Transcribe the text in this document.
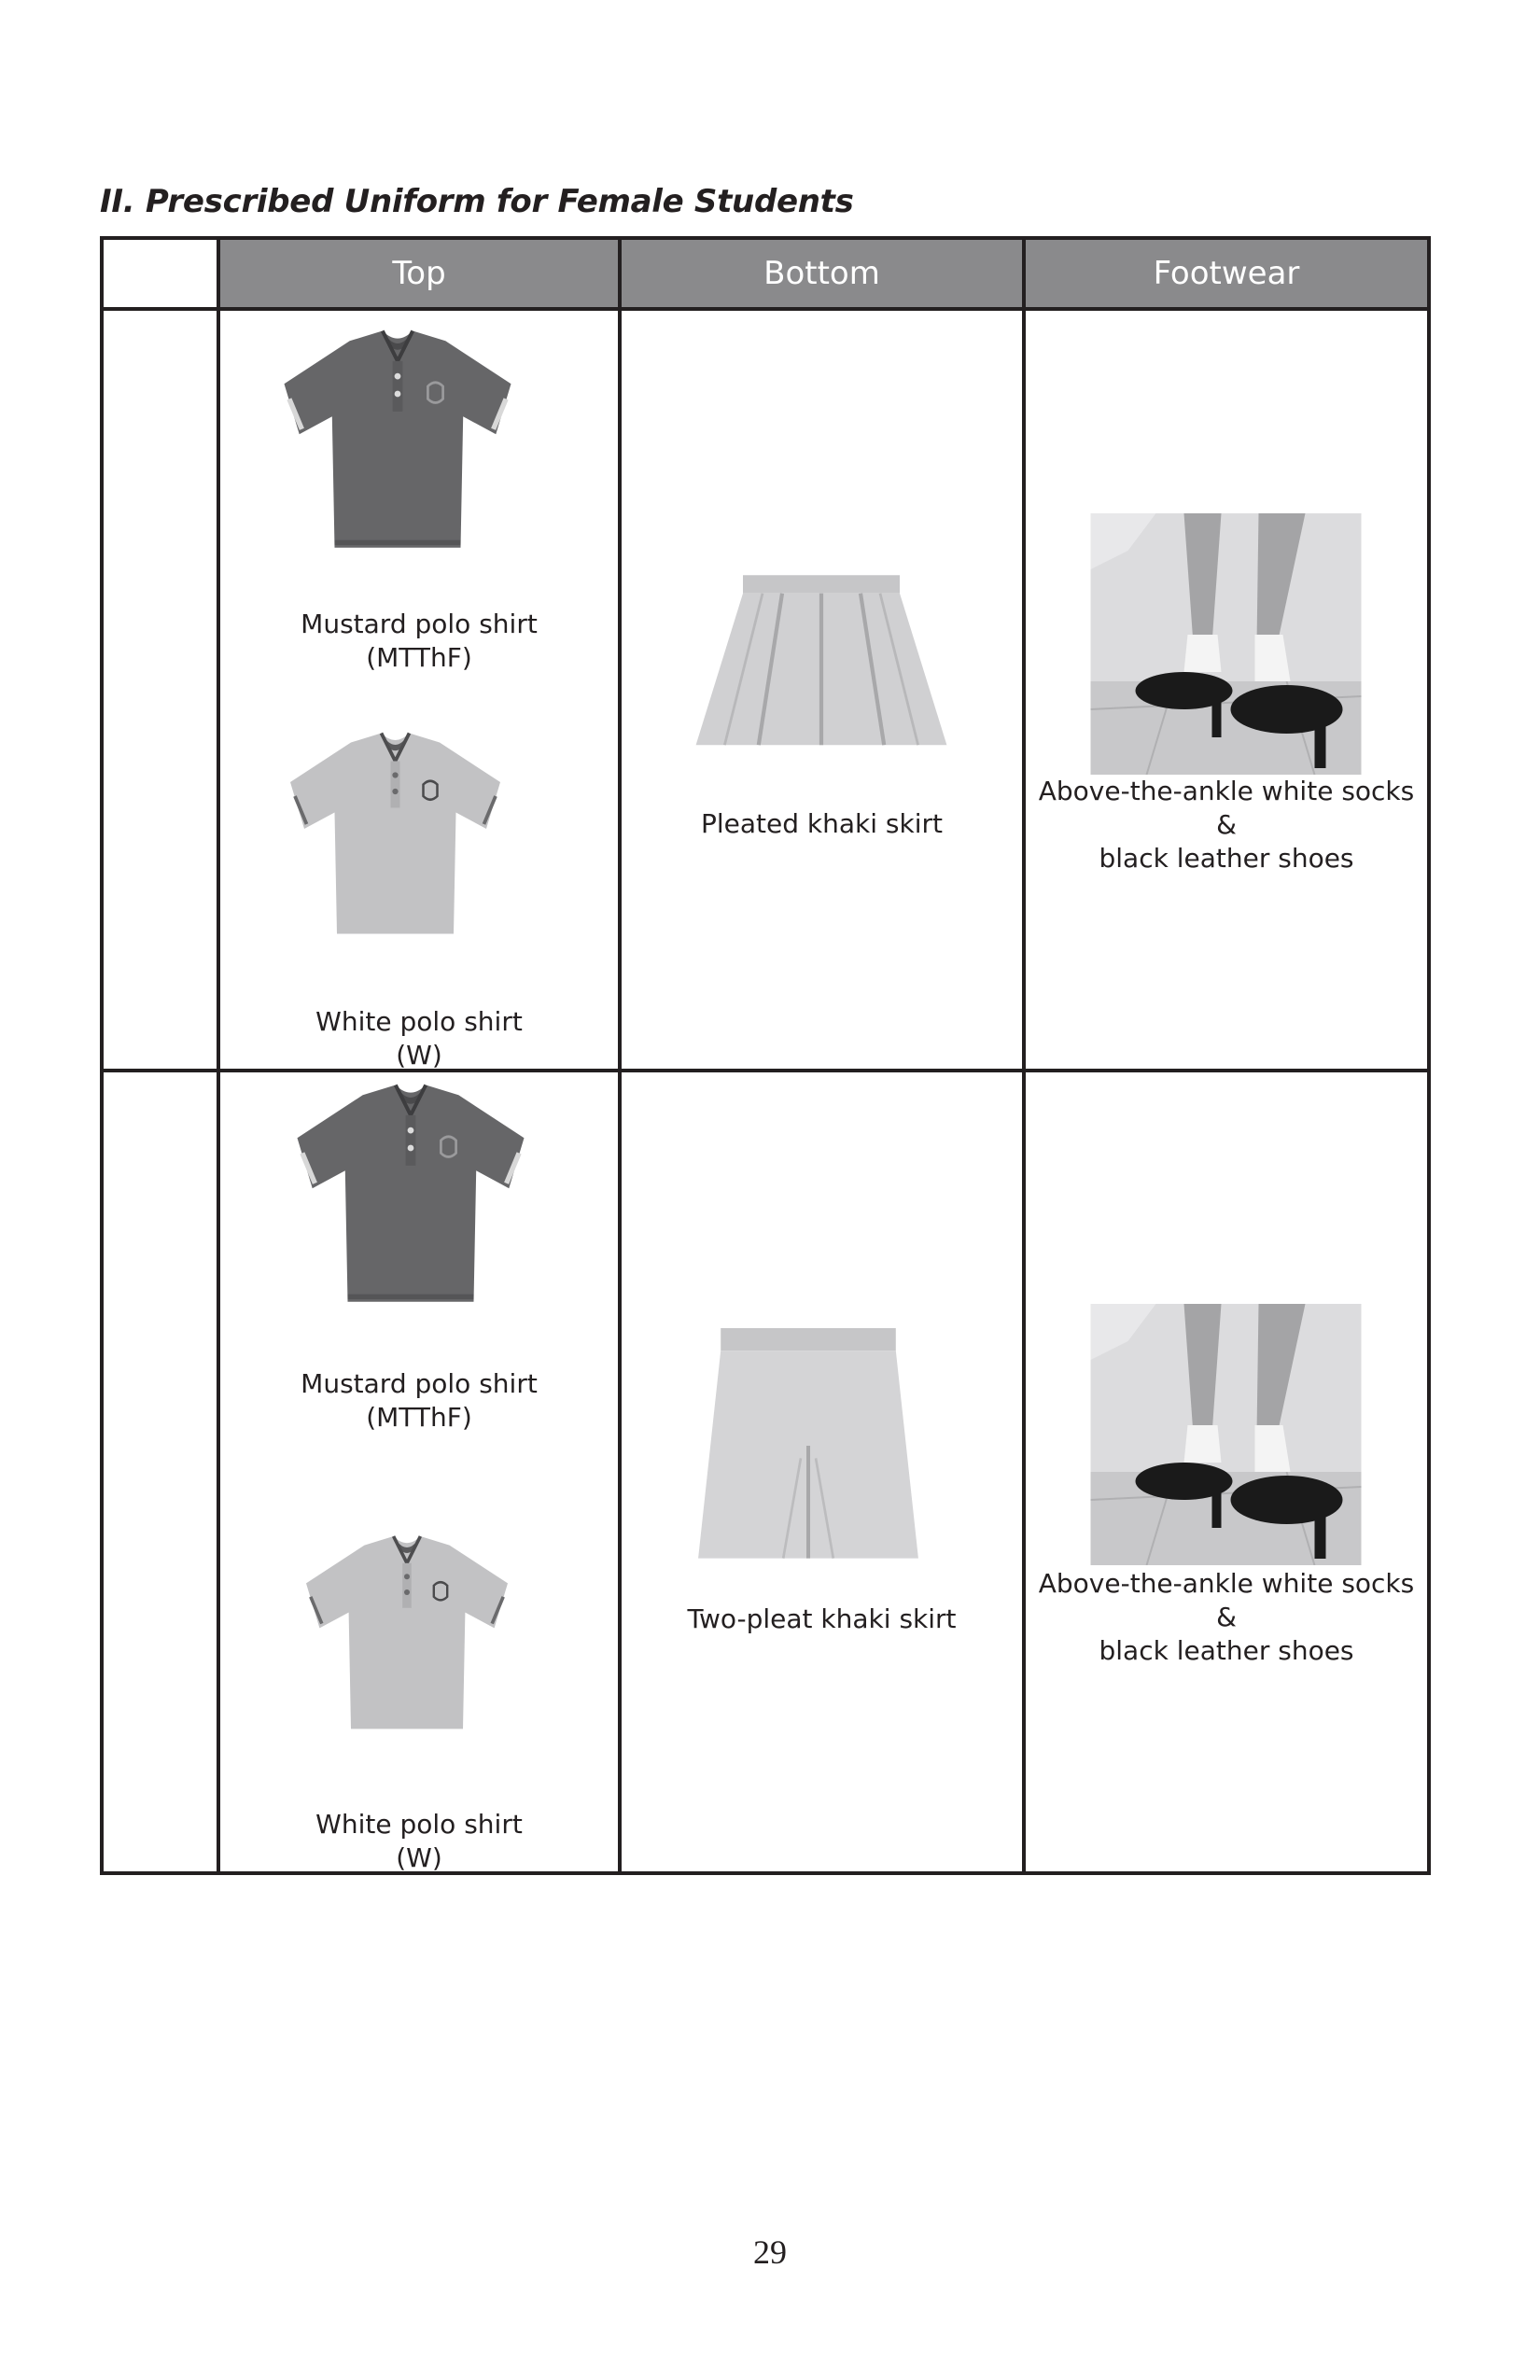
II. Prescribed Uniform for Female Students
Top	Bottom	Footwear
Mustard polo shirt
(MTThF)
White polo shirt
(W)
Pleated khaki skirt
Above-the-ankle white socks
&
black leather shoes
Mustard polo shirt
(MTThF)
White polo shirt
(W)
Two-pleat khaki skirt
Above-the-ankle white socks
&
black leather shoes
29
